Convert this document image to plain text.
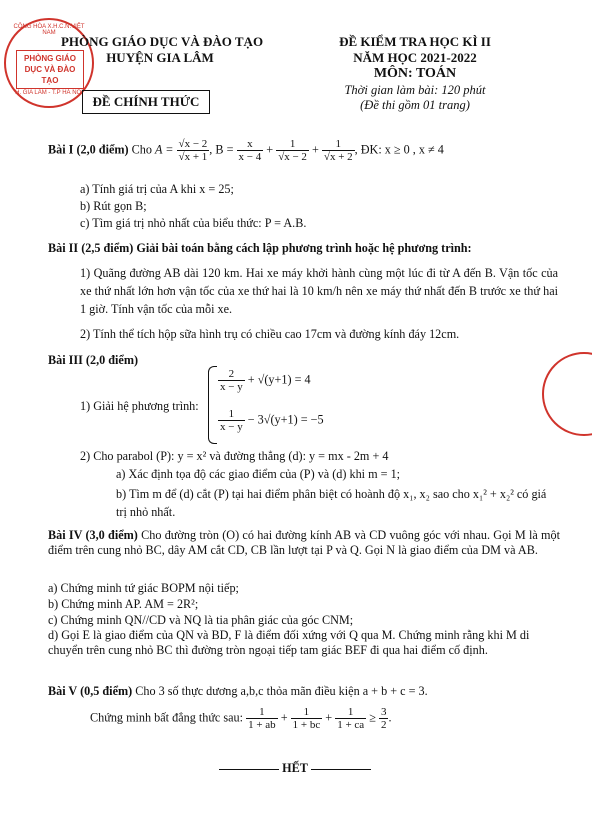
CỘNG HÒA X.H.C.N.VIỆT NAM
PHÒNG GIÁO DỤC VÀ ĐÀO TẠO
H. GIA LÂM - T.P HÀ NỘI
PHÒNG GIÁO DỤC VÀ ĐÀO TẠO
HUYỆN GIA LÂM
ĐỀ CHÍNH THỨC
ĐỀ KIỂM TRA HỌC KÌ II
NĂM HỌC 2021-2022
MÔN: TOÁN
Thời gian làm bài: 120 phút
(Đề thi gồm 01 trang)
Bài I (2,0 điểm) Cho $A = \frac{√x - 2}{√x + 1}$ , $B = \frac{x}{x - 4} + \frac{1}{√x - 2} + \frac{1}{√x + 2}$ , ĐK: x ≥ 0 , x ≠ 4
a) Tính giá trị của A khi x = 25;
b) Rút gọn B;
c) Tìm giá trị nhỏ nhất của biểu thức: P = A.B.
Bài II (2,5 điểm) Giải bài toán bằng cách lập phương trình hoặc hệ phương trình:
1) Quãng đường AB dài 120 km. Hai xe máy khởi hành cùng một lúc đi từ A đến B. Vận tốc của xe thứ nhất lớn hơn vận tốc của xe thứ hai là 10 km/h nên xe máy thứ nhất đến B trước xe thứ hai 1 giờ. Tính vận tốc của mỗi xe.
2) Tính thể tích hộp sữa hình trụ có chiều cao 17cm và đường kính đáy 12cm.
Bài III (2,0 điểm)
1) Giải hệ phương trình:
$\frac{2}{x - y} + √(y+1) = 4$
$\frac{1}{x - y} - 3√(y+1) = -5$
2) Cho parabol (P): y = x² và đường thẳng (d): y = mx - 2m + 4
a) Xác định tọa độ các giao điểm của (P) và (d) khi m = 1;
b) Tìm m để (d) cắt (P) tại hai điểm phân biệt có hoành độ x₁, x₂ sao cho x₁² + x₂² có giá trị nhỏ nhất.
Bài IV (3,0 điểm) Cho đường tròn (O) có hai đường kính AB và CD vuông góc với nhau. Gọi M là một điểm trên cung nhỏ BC, dây AM cắt CD, CB lần lượt tại P và Q. Gọi N là giao điểm của DM và AB.
a) Chứng minh tứ giác BOPM nội tiếp;
b) Chứng minh AP. AM = 2R²;
c) Chứng minh QN//CD và NQ là tia phân giác của góc CNM;
d) Gọi E là giao điểm của QN và BD, F là điểm đối xứng với Q qua M. Chứng minh rằng khi M di chuyển trên cung nhỏ BC thì đường tròn ngoại tiếp tam giác BEF đi qua hai điểm cố định.
Bài V (0,5 điểm) Cho 3 số thực dương a,b,c thỏa mãn điều kiện a + b + c = 3.
Chứng minh bất đẳng thức sau: $\frac{1}{1 + ab} + \frac{1}{1 + bc} + \frac{1}{1 + ca} \ge \frac{3}{2}$ .
HẾT
